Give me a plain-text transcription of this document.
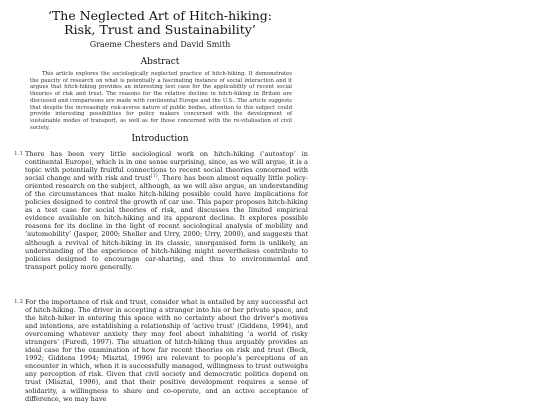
‘The Neglected Art of Hitch-hiking:
Risk, Trust and Sustainability’
Graeme Chesters and David Smith
Abstract

This article explores the sociologically neglected practice of hitch-hiking. It demonstrates the paucity of research on what is potentially a fascinating instance of social interaction and it argues that hitch-hiking provides an interesting test case for the applicability of recent social theories of risk and trust. The reasons for the relative decline in hitch-hiking in Britain are discussed and comparisons are made with continental Europe and the U.S.. The article suggests that despite the increasingly risk-averse nature of public bodies, attention to this subject could provide interesting possibilities for policy makers concerned with the development of sustainable modes of transport, as well as for those concerned with the re-vitalisation of civil society.

Introduction
1.1 There has been very little sociological work on hitch-hiking (‘autostop’ in continental Europe), which is in one sense surprising, since, as we will argue, it is a topic with potentially fruitful connections to recent social theories concerned with social change and with risk and trust[1]. There has been almost equally little policy-oriented research on the subject, although, as we will also argue, an understanding of the circumstances that make hitch-hiking possible could have implications for policies designed to control the growth of car use. This paper proposes hitch-hiking as a test case for social theories of risk, and discusses the limited empirical evidence available on hitch-hiking and its apparent decline. It explores possible reasons for its decline in the light of recent sociological analysis of mobility and ‘automobility’ (Jasper, 2000; Sheller and Urry, 2000; Urry, 2000), and suggests that although a revival of hitch-hiking in its classic, unorganised form is unlikely, an understanding of the experience of hitch-hiking might nevertheless contribute to policies designed to encourage car-sharing, and thus to environmental and transport policy more generally.
1.2 For the importance of risk and trust, consider what is entailed by any successful act of hitch-hiking. The driver in accepting a stranger into his or her private space, and the hitch-hiker in entering this space with no certainty about the driver’s motives and intentions, are establishing a relationship of ‘active trust’ (Giddens, 1994), and overcoming whatever anxiety they may feel about inhabiting ‘a world of risky strangers’ (Furedi, 1997). The situation of hitch-hiking thus arguably provides an ideal case for the examination of how far recent theories on risk and trust (Beck, 1992; Giddens 1994; Misztal, 1996) are relevant to people’s perceptions of an encounter in which, when it is successfully managed, willingness to trust outweighs any perception of risk. Given that civil society and democratic politics depend on trust (Misztal, 1996), and that their positive development requires a sense of solidarity, a willingness to share and co-operate, and an active acceptance of difference, we may have
